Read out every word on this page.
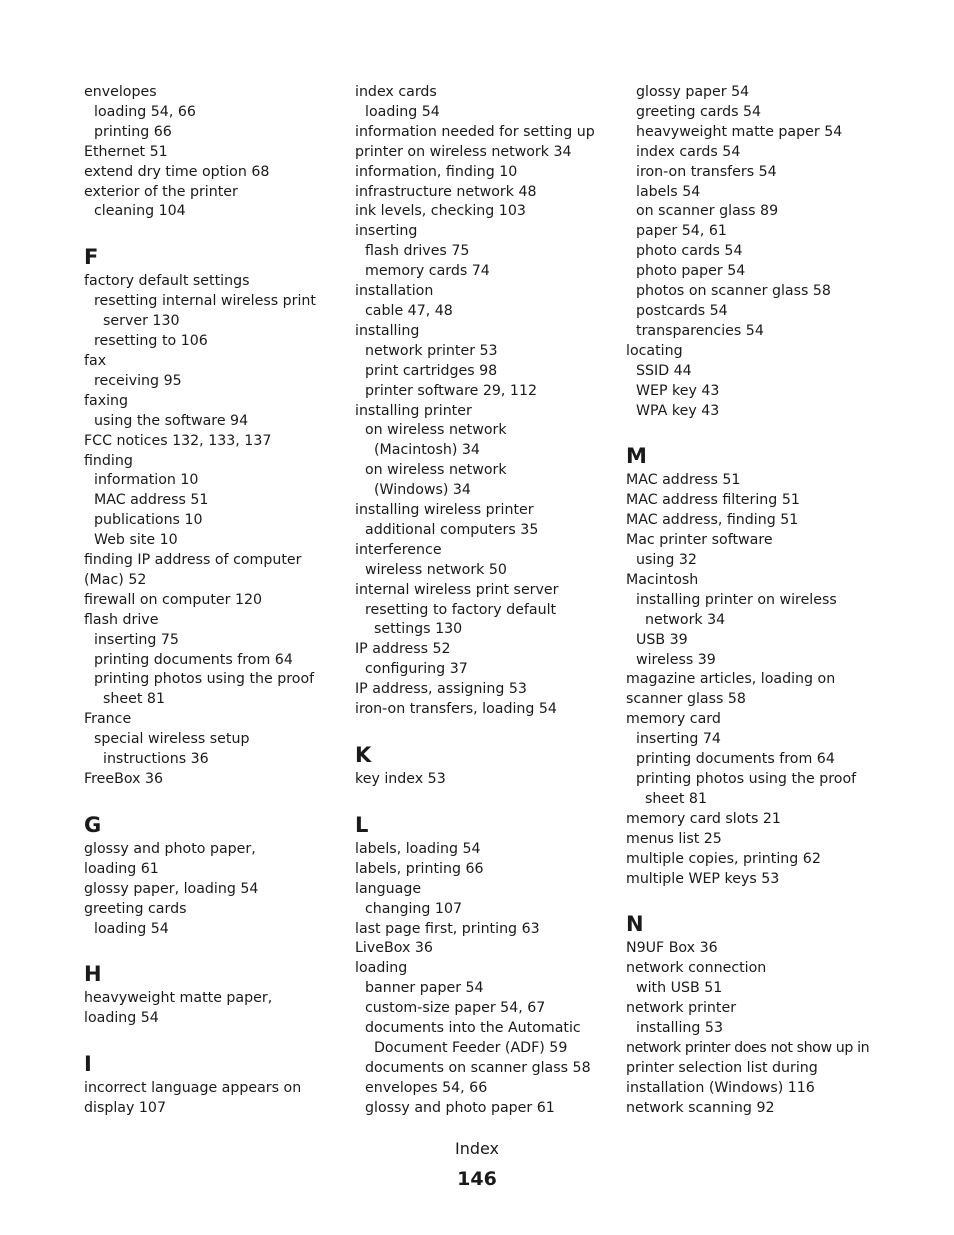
envelopes
loading 54, 66
printing 66
Ethernet 51
extend dry time option 68
exterior of the printer
cleaning 104
F
factory default settings
resetting internal wireless print
server 130
resetting to 106
fax
receiving 95
faxing
using the software 94
FCC notices 132, 133, 137
finding
information 10
MAC address 51
publications 10
Web site 10
finding IP address of computer
(Mac) 52
firewall on computer 120
flash drive
inserting 75
printing documents from 64
printing photos using the proof
sheet 81
France
special wireless setup
instructions 36
FreeBox 36
G
glossy and photo paper,
loading 61
glossy paper, loading 54
greeting cards
loading 54
H
heavyweight matte paper,
loading 54
I
incorrect language appears on
display 107
index cards
loading 54
information needed for setting up
printer on wireless network 34
information, finding 10
infrastructure network 48
ink levels, checking 103
inserting
flash drives 75
memory cards 74
installation
cable 47, 48
installing
network printer 53
print cartridges 98
printer software 29, 112
installing printer
on wireless network
(Macintosh) 34
on wireless network
(Windows) 34
installing wireless printer
additional computers 35
interference
wireless network 50
internal wireless print server
resetting to factory default
settings 130
IP address 52
configuring 37
IP address, assigning 53
iron-on transfers, loading 54
K
key index 53
L
labels, loading 54
labels, printing 66
language
changing 107
last page first, printing 63
LiveBox 36
loading
banner paper 54
custom-size paper 54, 67
documents into the Automatic
Document Feeder (ADF) 59
documents on scanner glass 58
envelopes 54, 66
glossy and photo paper 61
glossy paper 54
greeting cards 54
heavyweight matte paper 54
index cards 54
iron-on transfers 54
labels 54
on scanner glass 89
paper 54, 61
photo cards 54
photo paper 54
photos on scanner glass 58
postcards 54
transparencies 54
locating
SSID 44
WEP key 43
WPA key 43
M
MAC address 51
MAC address filtering 51
MAC address, finding 51
Mac printer software
using 32
Macintosh
installing printer on wireless
network 34
USB 39
wireless 39
magazine articles, loading on
scanner glass 58
memory card
inserting 74
printing documents from 64
printing photos using the proof
sheet 81
memory card slots 21
menus list 25
multiple copies, printing 62
multiple WEP keys 53
N
N9UF Box 36
network connection
with USB 51
network printer
installing 53
network printer does not show up in
printer selection list during
installation (Windows) 116
network scanning 92
Index
146
